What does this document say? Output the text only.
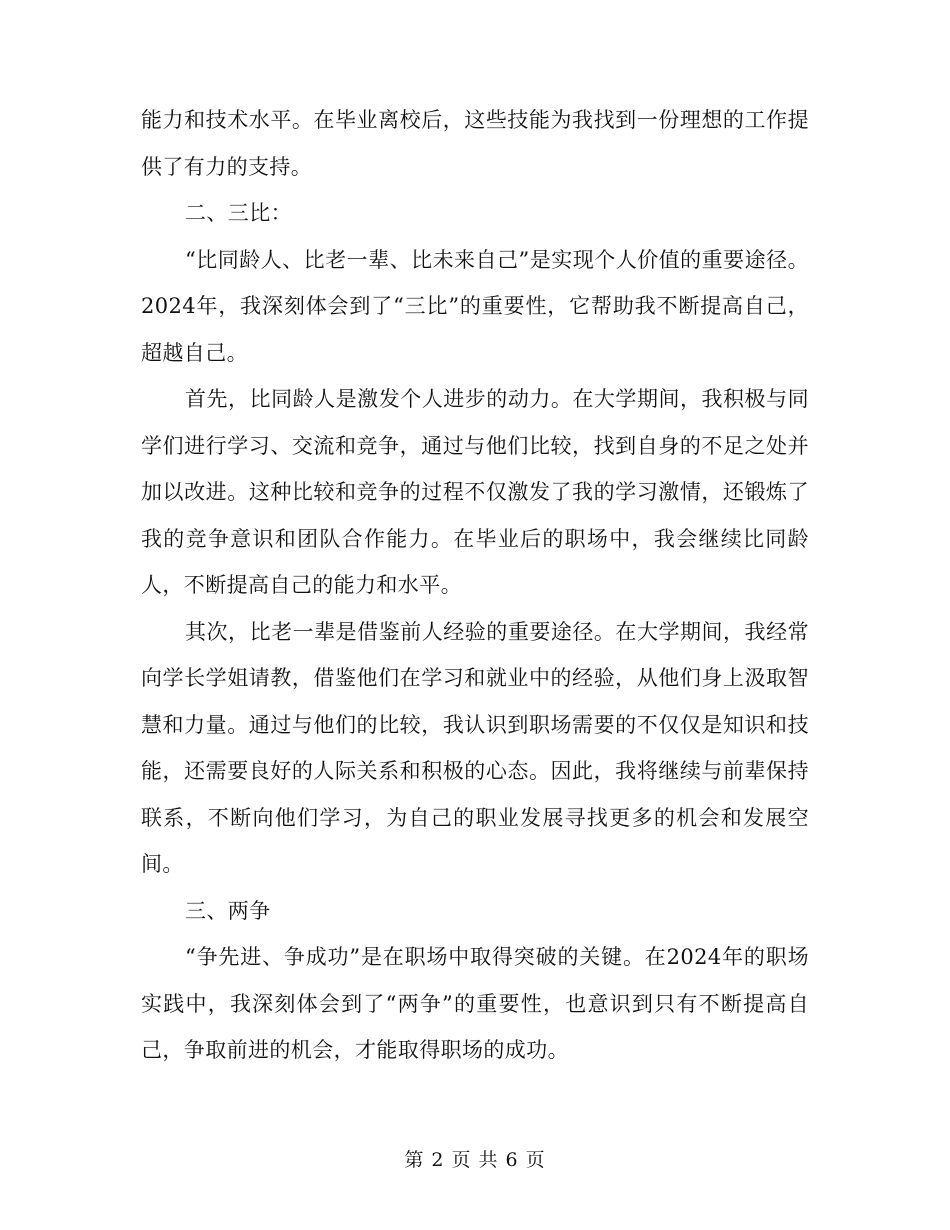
能力和技术水平。在毕业离校后，这些技能为我找到一份理想的工作提供了有力的支持。

二、三比：

“比同龄人、比老一辈、比未来自己”是实现个人价值的重要途径。2024年，我深刻体会到了“三比”的重要性，它帮助我不断提高自己，超越自己。

首先，比同龄人是激发个人进步的动力。在大学期间，我积极与同学们进行学习、交流和竞争，通过与他们比较，找到自身的不足之处并加以改进。这种比较和竞争的过程不仅激发了我的学习激情，还锻炼了我的竞争意识和团队合作能力。在毕业后的职场中，我会继续比同龄人，不断提高自己的能力和水平。

其次，比老一辈是借鉴前人经验的重要途径。在大学期间，我经常向学长学姐请教，借鉴他们在学习和就业中的经验，从他们身上汲取智慧和力量。通过与他们的比较，我认识到职场需要的不仅仅是知识和技能，还需要良好的人际关系和积极的心态。因此，我将继续与前辈保持联系，不断向他们学习，为自己的职业发展寻找更多的机会和发展空间。

三、两争

“争先进、争成功”是在职场中取得突破的关键。在2024年的职场实践中，我深刻体会到了“两争”的重要性，也意识到只有不断提高自己，争取前进的机会，才能取得职场的成功。

第 2 页 共 6 页
